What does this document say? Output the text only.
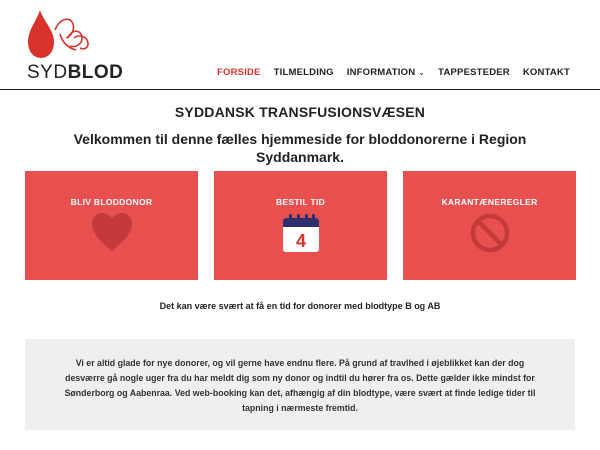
SYDBLOD	FORSIDE TILMELDING INFORMATION ⌄ TAPPESTEDER KONTAKT
SYDDANSK TRANSFUSIONSVÆSEN
Velkommen til denne fælles hjemmeside for bloddonorerne i Region Syddanmark.
BLIV BLODDONOR	BESTIL TID
4
KARANTÆNEREGLER

Det kan være svært at få en tid for donorer med blodtype B og AB

Vi er altid glade for nye donorer, og vil gerne have endnu flere. På grund af travlhed i øjeblikket kan der dog desværre gå nogle uger fra du har meldt dig som ny donor og indtil du hører fra os. Dette gælder ikke mindst for Sønderborg og Aabenraa. Ved web-booking kan det, afhængig af din blodtype, være svært at finde ledige tider til tapning i nærmeste fremtid.
